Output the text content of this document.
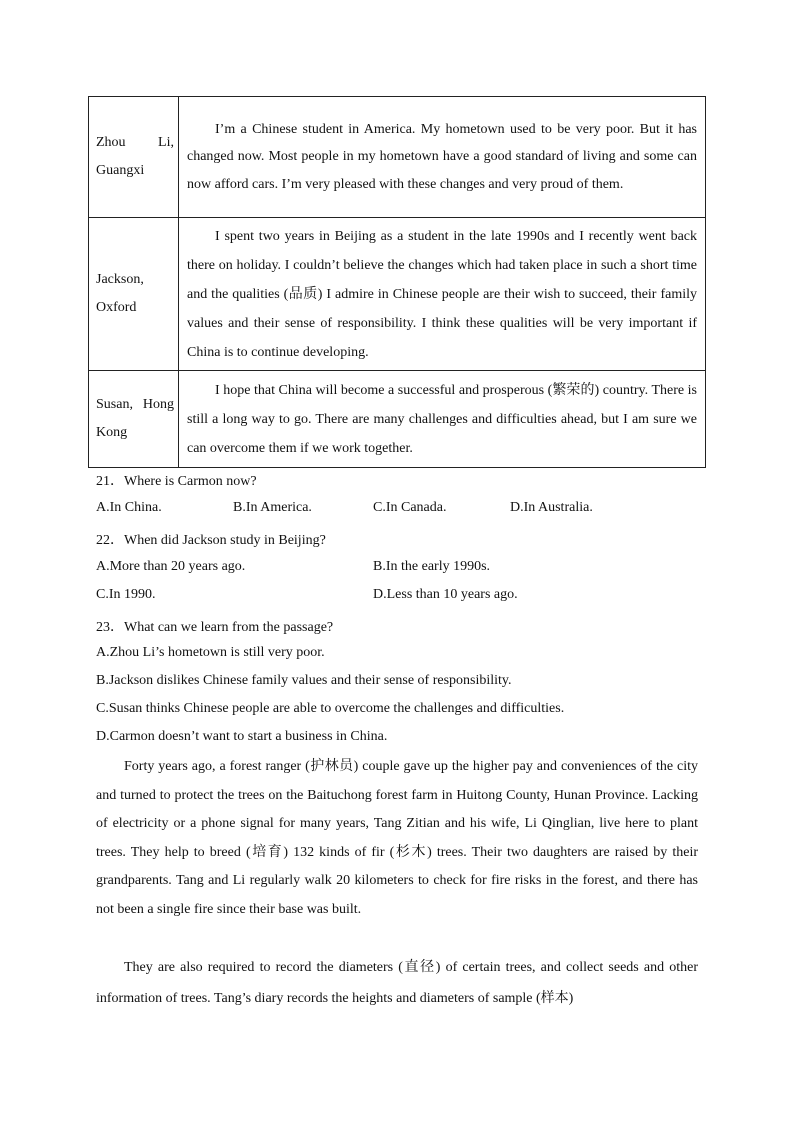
Zhou Li, Guangxi	I’m a Chinese student in America. My hometown used to be very poor. But it has changed now. Most people in my hometown have a good standard of living and some can now afford cars. I’m very pleased with these changes and very proud of them.

Jackson, Oxford	I spent two years in Beijing as a student in the late 1990s and I recently went back there on holiday. I couldn’t believe the changes which had taken place in such a short time and the qualities (品质) I admire in Chinese people are their wish to succeed, their family values and their sense of responsibility. I think these qualities will be very important if China is to continue developing.

Susan, Hong Kong	I hope that China will become a successful and prosperous (繁荣的) country. There is still a long way to go. There are many challenges and difficulties ahead, but I am sure we can overcome them if we work together.

21．Where is Carmon now?
A.In China.	B.In America.	C.In Canada.	D.In Australia.
22．When did Jackson study in Beijing?
A.More than 20 years ago.	B.In the early 1990s.
C.In 1990.	D.Less than 10 years ago.
23．What can we learn from the passage?
A.Zhou Li’s hometown is still very poor.
B.Jackson dislikes Chinese family values and their sense of responsibility.
C.Susan thinks Chinese people are able to overcome the challenges and difficulties.
D.Carmon doesn’t want to start a business in China.

Forty years ago, a forest ranger (护林员) couple gave up the higher pay and conveniences of the city and turned to protect the trees on the Baituchong forest farm in Huitong County, Hunan Province. Lacking of electricity or a phone signal for many years, Tang Zitian and his wife, Li Qinglian, live here to plant trees. They help to breed (培育) 132 kinds of fir (杉木) trees. Their two daughters are raised by their grandparents. Tang and Li regularly walk 20 kilometers to check for fire risks in the forest, and there has not been a single fire since their base was built.

They are also required to record the diameters (直径) of certain trees, and collect seeds and other information of trees. Tang’s diary records the heights and diameters of sample (样本)
